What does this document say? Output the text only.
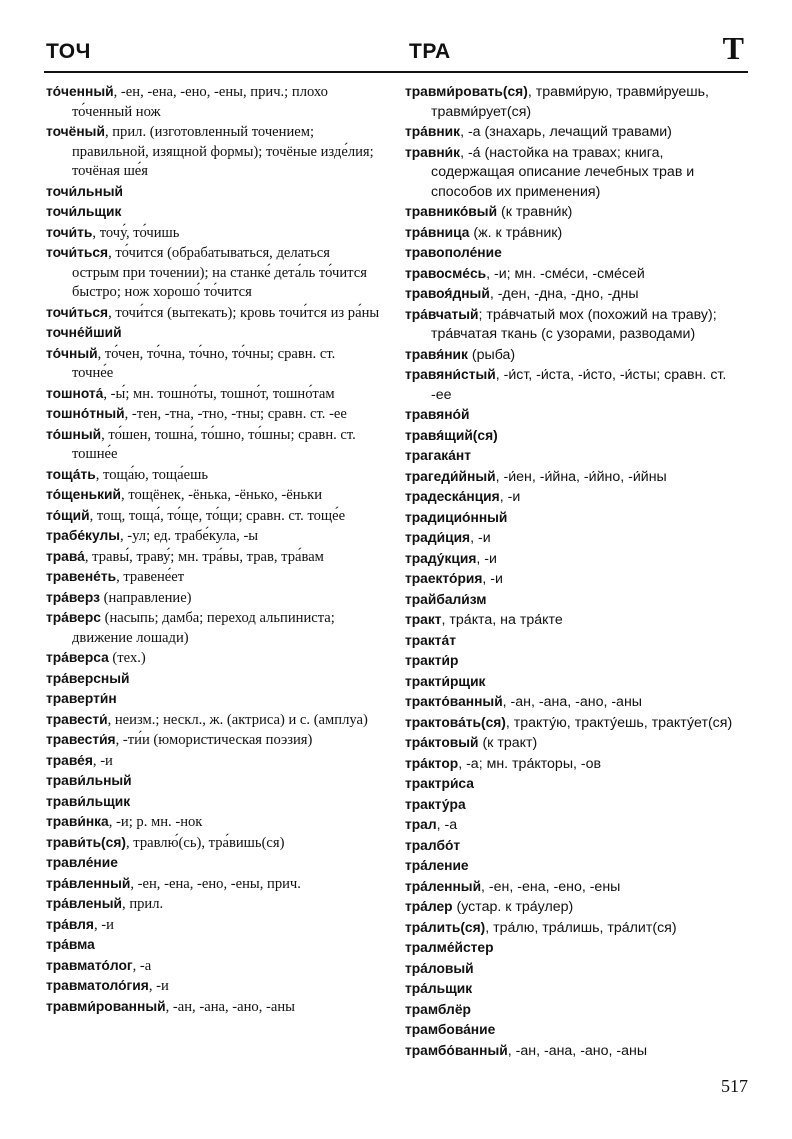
ТОЧ	ТРА	Т

то́ченный, -ен, -ена, -ено, -ены, прич.; плохо то́ченный нож

точёный, прил. (изготовленный точением; правильной, изящной формы); точёные изде́лия; точёная ше́я

точи́льный

точи́льщик

точи́ть, точу́, то́чишь

точи́ться, то́чится (обрабатываться, делаться острым при точении); на станке́ дета́ль то́чится быстро; нож хорошо́ то́чится

точи́ться, точи́тся (вытекать); кровь точи́тся из ра́ны

точне́йший

то́чный, то́чен, то́чна, то́чно, то́чны; сравн. ст. точне́е

тошнота́, -ы́; мн. тошно́ты, тошно́т, тошно́там

тошно́тный, -тен, -тна, -тно, -тны; сравн. ст. -ее

то́шный, то́шен, тошна́, то́шно, то́шны; сравн. ст. тошне́е

тоща́ть, тоща́ю, тоща́ешь

то́щенький, тощёнек, -ёнька, -ёнько, -ёньки

то́щий, тощ, тоща́, то́ще, то́щи; сравн. ст. тоще́е

трабе́кулы, -ул; ед. трабе́кула, -ы

трава́, травы́, траву́; мн. тра́вы, трав, тра́вам

травене́ть, травене́ет

тра́верз (направление)

тра́верс (насыпь; дамба; переход альпиниста; движение лошади)

тра́верса (тех.)

тра́версный

траверти́н

травести́, неизм.; нескл., ж. (актриса) и с. (амплуа)

травести́я, -ти́и (юмористическая поэзия)

траве́я, -и

трави́льный

трави́льщик

трави́нка, -и; р. мн. -нок

трави́ть(ся), травлю́(сь), тра́вишь(ся)

травле́ние

тра́вленный, -ен, -ена, -ено, -ены, прич.

тра́вленый, прил.

тра́вля, -и

тра́вма

травмато́лог, -а

травматоло́гия, -и

травми́рованный, -ан, -ана, -ано, -аны

травми́ровать(ся), травми́рую, травми́руешь, травми́рует(ся)

тра́вник, -а (знахарь, лечащий травами)

травни́к, -а́ (настойка на травах; книга, содержащая описание лечебных трав и способов их применения)

травнико́вый (к травни́к)

тра́вница (ж. к тра́вник)

травополе́ние

травосме́сь, -и; мн. -сме́си, -сме́сей

травоя́дный, -ден, -дна, -дно, -дны

тра́вчатый; тра́вчатый мох (похожий на траву); тра́вчатая ткань (с узорами, разводами)

травя́ник (рыба)

травяни́стый, -и́ст, -и́ста, -и́сто, -и́сты; сравн. ст. -ее

травяно́й

травя́щий(ся)

трагака́нт

трагеди́йный, -и́ен, -и́йна, -и́йно, -и́йны

традеска́нция, -и

традицио́нный

тради́ция, -и

траду́кция, -и

траекто́рия, -и

трайбали́зм

тракт, тра́кта, на тра́кте

тракта́т

тракти́р

тракти́рщик

тракто́ванный, -ан, -ана, -ано, -аны

трактова́ть(ся), тракту́ю, тракту́ешь, тракту́ет(ся)

тра́ктовый (к тракт)

тра́ктор, -а; мн. тра́кторы, -ов

трактри́са

тракту́ра

трал, -а

тралбо́т

тра́ление

тра́ленный, -ен, -ена, -ено, -ены

тра́лер (устар. к тра́улер)

тра́лить(ся), тра́лю, тра́лишь, тра́лит(ся)

тралме́йстер

тра́ловый

тра́льщик

трамблёр

трамбова́ние

трамбо́ванный, -ан, -ана, -ано, -аны

517
